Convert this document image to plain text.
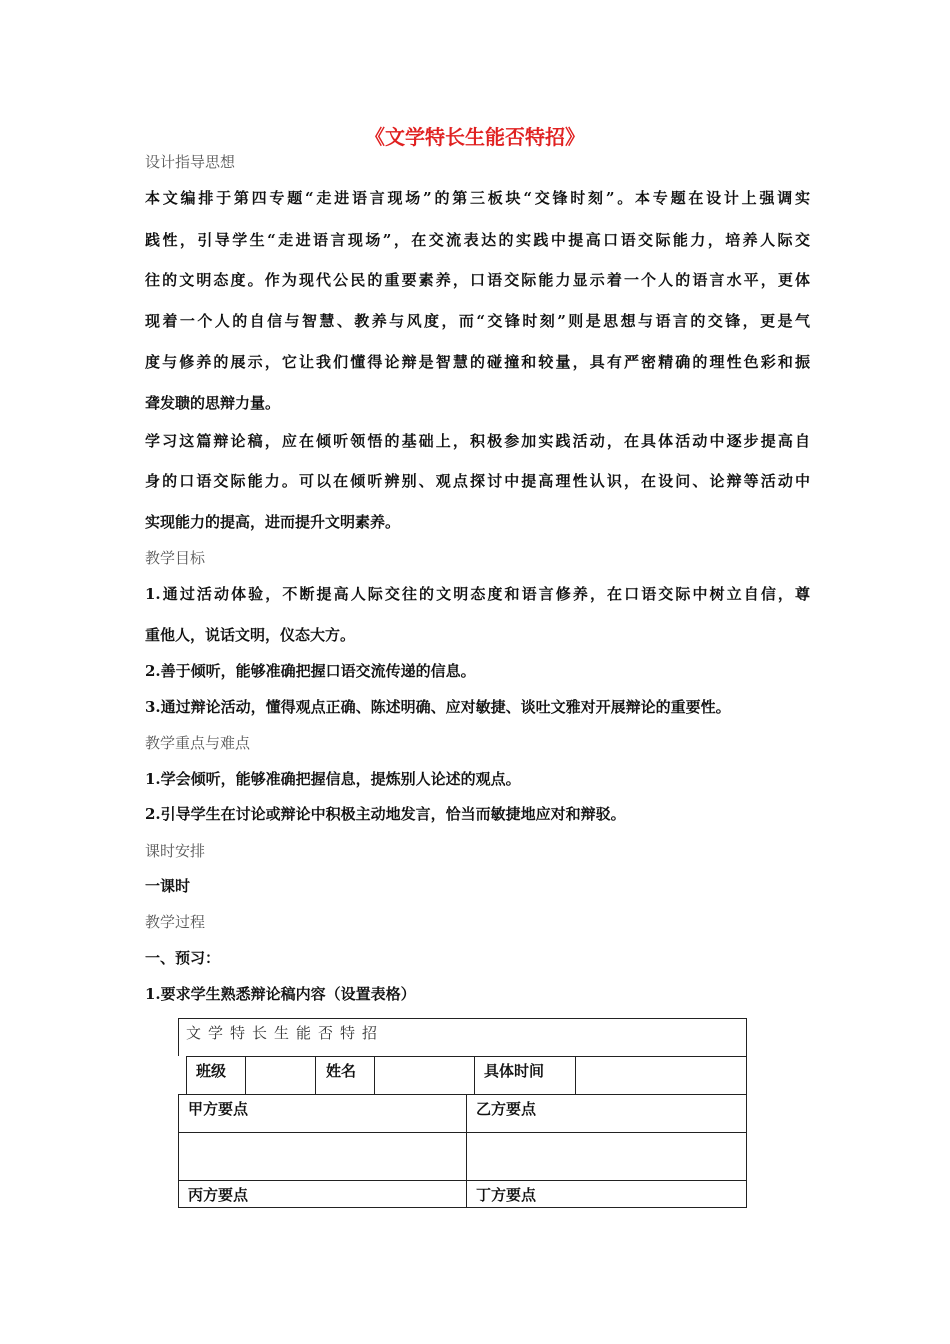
《文学特长生能否特招》
设计指导思想
本文编排于第四专题“走进语言现场”的第三板块“交锋时刻”。本专题在设计上强调实
践性，引导学生“走进语言现场”，在交流表达的实践中提高口语交际能力，培养人际交
往的文明态度。作为现代公民的重要素养，口语交际能力显示着一个人的语言水平，更体
现着一个人的自信与智慧、教养与风度，而“交锋时刻”则是思想与语言的交锋，更是气
度与修养的展示，它让我们懂得论辩是智慧的碰撞和较量，具有严密精确的理性色彩和振
聋发聩的思辩力量。
学习这篇辩论稿，应在倾听领悟的基础上，积极参加实践活动，在具体活动中逐步提高自
身的口语交际能力。可以在倾听辨别、观点探讨中提高理性认识，在设问、论辩等活动中
实现能力的提高，进而提升文明素养。
教学目标
1.通过活动体验，不断提高人际交往的文明态度和语言修养，在口语交际中树立自信，尊
重他人，说话文明，仪态大方。
2.善于倾听，能够准确把握口语交流传递的信息。
3.通过辩论活动，懂得观点正确、陈述明确、应对敏捷、谈吐文雅对开展辩论的重要性。
教学重点与难点
1.学会倾听，能够准确把握信息，提炼别人论述的观点。
2.引导学生在讨论或辩论中积极主动地发言，恰当而敏捷地应对和辩驳。
课时安排
一课时
教学过程
一、预习：
1.要求学生熟悉辩论稿内容（设置表格）
文学特长生能否特招
班级	姓名	具体时间
甲方要点	乙方要点
丙方要点	丁方要点
